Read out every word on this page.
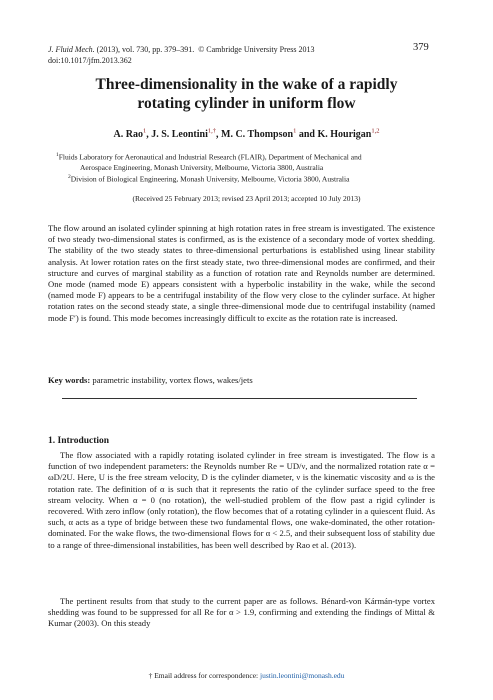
J. Fluid Mech. (2013), vol. 730, pp. 379–391. © Cambridge University Press 2013
doi:10.1017/jfm.2013.362
379
Three-dimensionality in the wake of a rapidly
rotating cylinder in uniform flow
A. Rao$^1$, J. S. Leontini$^{1,\dagger}$, M. C. Thompson$^1$ and K. Hourigan$^{1,2}$
$^1$Fluids Laboratory for Aeronautical and Industrial Research (FLAIR), Department of Mechanical and
Aerospace Engineering, Monash University, Melbourne, Victoria 3800, Australia
$^2$Division of Biological Engineering, Monash University, Melbourne, Victoria 3800, Australia
(Received 25 February 2013; revised 23 April 2013; accepted 10 July 2013)
The flow around an isolated cylinder spinning at high rotation rates in free stream is investigated. The existence of two steady two-dimensional states is confirmed, as is the existence of a secondary mode of vortex shedding. The stability of the two steady states to three-dimensional perturbations is established using linear stability analysis. At lower rotation rates on the first steady state, two three-dimensional modes are confirmed, and their structure and curves of marginal stability as a function of rotation rate and Reynolds number are determined. One mode (named mode E) appears consistent with a hyperbolic instability in the wake, while the second (named mode F) appears to be a centrifugal instability of the flow very close to the cylinder surface. At higher rotation rates on the second steady state, a single three-dimensional mode due to centrifugal instability (named mode F′) is found. This mode becomes increasingly difficult to excite as the rotation rate is increased.
Key words: parametric instability, vortex flows, wakes/jets
1. Introduction
The flow associated with a rapidly rotating isolated cylinder in free stream is investigated. The flow is a function of two independent parameters: the Reynolds number Re = UD/ν, and the normalized rotation rate α = ωD/2U. Here, U is the free stream velocity, D is the cylinder diameter, ν is the kinematic viscosity and ω is the rotation rate. The definition of α is such that it represents the ratio of the cylinder surface speed to the free stream velocity. When α = 0 (no rotation), the well-studied problem of the flow past a rigid cylinder is recovered. With zero inflow (only rotation), the flow becomes that of a rotating cylinder in a quiescent fluid. As such, α acts as a type of bridge between these two fundamental flows, one wake-dominated, the other rotation-dominated. For the wake flows, the two-dimensional flows for α < 2.5, and their subsequent loss of stability due to a range of three-dimensional instabilities, has been well described by Rao et al. (2013).
The pertinent results from that study to the current paper are as follows. Bénard-von Kármán-type vortex shedding was found to be suppressed for all Re for α > 1.9, confirming and extending the findings of Mittal & Kumar (2003). On this steady
† Email address for correspondence: justin.leontini@monash.edu
